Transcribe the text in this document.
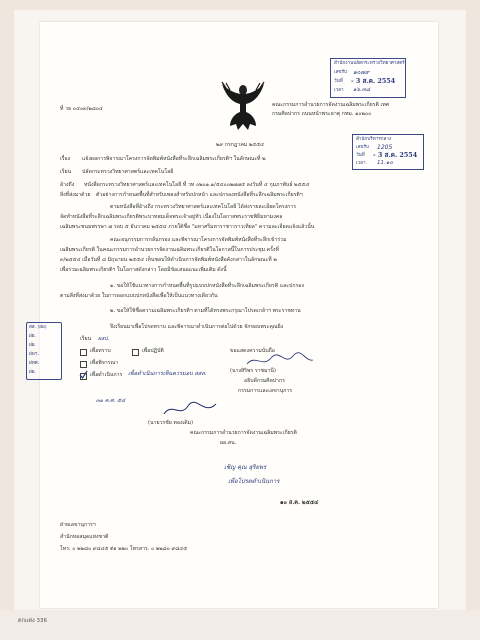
ตกแต่ง 336
สำนักงานปลัดกระทรวงวิทยาศาสตร์
เลขรับ ๑๐๗๙
วันที่ - 3 ส.ค. 2554
เวลา ๑๖.๓๘
ที่ วธ ๐๔๐๓/๒๘๐๔
คณะกรรมการอำนวยการจัดงานเฉลิมพระเกียรติ เทศ
กรมศิลปากร ถนนหน้าพระธาตุ กทม. ๑๐๒๐๐
สำนักบริหารกลาง
เลขรับ 1205
วันที่ - 3 ส.ค. 2554
เวลา 11.๑๐
๒๙ กรกฎาคม ๒๕๕๔
เรื่อง แจ้งผลการพิจารณาโครงการจัดพิมพ์หนังสือที่ระลึกเฉลิมพระเกียรติฯ ในลักษณะที่ ๒
เรียน ปลัดกระทรวงวิทยาศาสตร์และเทคโนโลยี
อ้างถึง หนังสือกระทรวงวิทยาศาสตร์และเทคโนโลยี ที่ วท ๐๒๐๑.๑/๕๔๐๐๒๗๗๕ ลงวันที่ ๔ กุมภาพันธ์ ๒๕๕๔
สิ่งที่ส่งมาด้วย ตัวอย่างการกำหนดพื้นที่สำหรับเพลงสำหรับปกหน้า และปกรองหนังสือที่ระลึกเฉลิมพระเกียรติฯ
ตามหนังสือที่อ้างถึง กระทรวงวิทยาศาสตร์และเทคโนโลยี ได้ส่งรายละเอียดโครงการ
จัดทำหนังสือที่ระลึกเฉลิมพระเกียรติพระบาทสมเด็จพระเจ้าอยู่หัว เนื่องในโอกาสพระราชพิธีมหามงคล
เฉลิมพระชนมพรรษา ๗ รอบ ๕ ธันวาคม ๒๕๕๔ ภายใต้ชื่อ "มหาศรีมหาราชาวราวเทียล" ความละเอียดแจ้งแล้วนั้น
คณะอนุกรรมการกลั่นกรอง และพิจารณาโครงการจัดพิมพ์หนังสือที่ระลึกเข้าร่วม
เฉลิมพระเกียรติ ในคณะกรรมการอำนวยการจัดงานเฉลิมพระเกียรติในโอกาสนี้ในการประชุม ครั้งที่
๓/๒๕๕๔ เมื่อวันที่ ๘ มิถุนายน ๒๕๕๔ เห็นชอบให้ดำเนินการจัดพิมพ์หนังสือดังกล่าวในลักษณะที่ ๒
เพื่อร่วมเฉลิมพระเกียรติฯ ในโอกาสดังกล่าว โดยมีข้อเสนอแนะเพิ่มเติม ดังนี้
๑. ขอให้ใช้แนวทางการกำหนดพื้นที่รูปแบบปกหนังสือที่ระลึกเฉลิมพระเกียรติ และปกรอง
ตามสิ่งที่ส่งมาด้วย ในการออกแบบปกหนังสือเพื่อให้เป็นแนวทางเดียวกัน
๒. ขอให้ใช้ชื่อความเฉลิมพระเกียรติฯ ตามที่ได้ทรงพระกรุณาโปรดเกล้าฯ พระราชทาน
จึงเรียนมาเพื่อโปรดทราบ และพิจารณาดำเนินการต่อไปด้วย จักขอบพระคุณยิ่ง
สส. (ฝผ)
ฝผ.
ฝผ.
ฝพฯ.
ฝทศ.
ฝผ.
เรียน ผสป.
เพื่อทราบ	เพื่อปฏิบัติ	ขอแสดงความนับถือ
เพื่อพิจารณา
เพื่อดำเนินการ เพื่อดำเนินการเห็นควรมอบ สสส.
๓๑ ค.ศ. ๕๔
(นางสิริพร ราชมานี)
อธิบดีกรมศิลปากร
กรรมการและเลขานุการ
(นายวรชัย ทองเดิม)
คณะกรรมการอำนวยการจัดงานเฉลิมพระเกียรติ
ผอ.สน.
เชิญ คุณ สุริยพร
เพื่อโปรดดำเนินการ
๑๐ ส.ค. ๒๕๕๔
ฝ่ายเลขานุการฯ
สำนักหอสมุดแห่งชาติ
โทร. ๐ ๒๒๘๐ ๙๘๔๕ ต่อ ๒๒๐ โทรสาร. ๐ ๒๒๘๐ ๙๘๔๕
